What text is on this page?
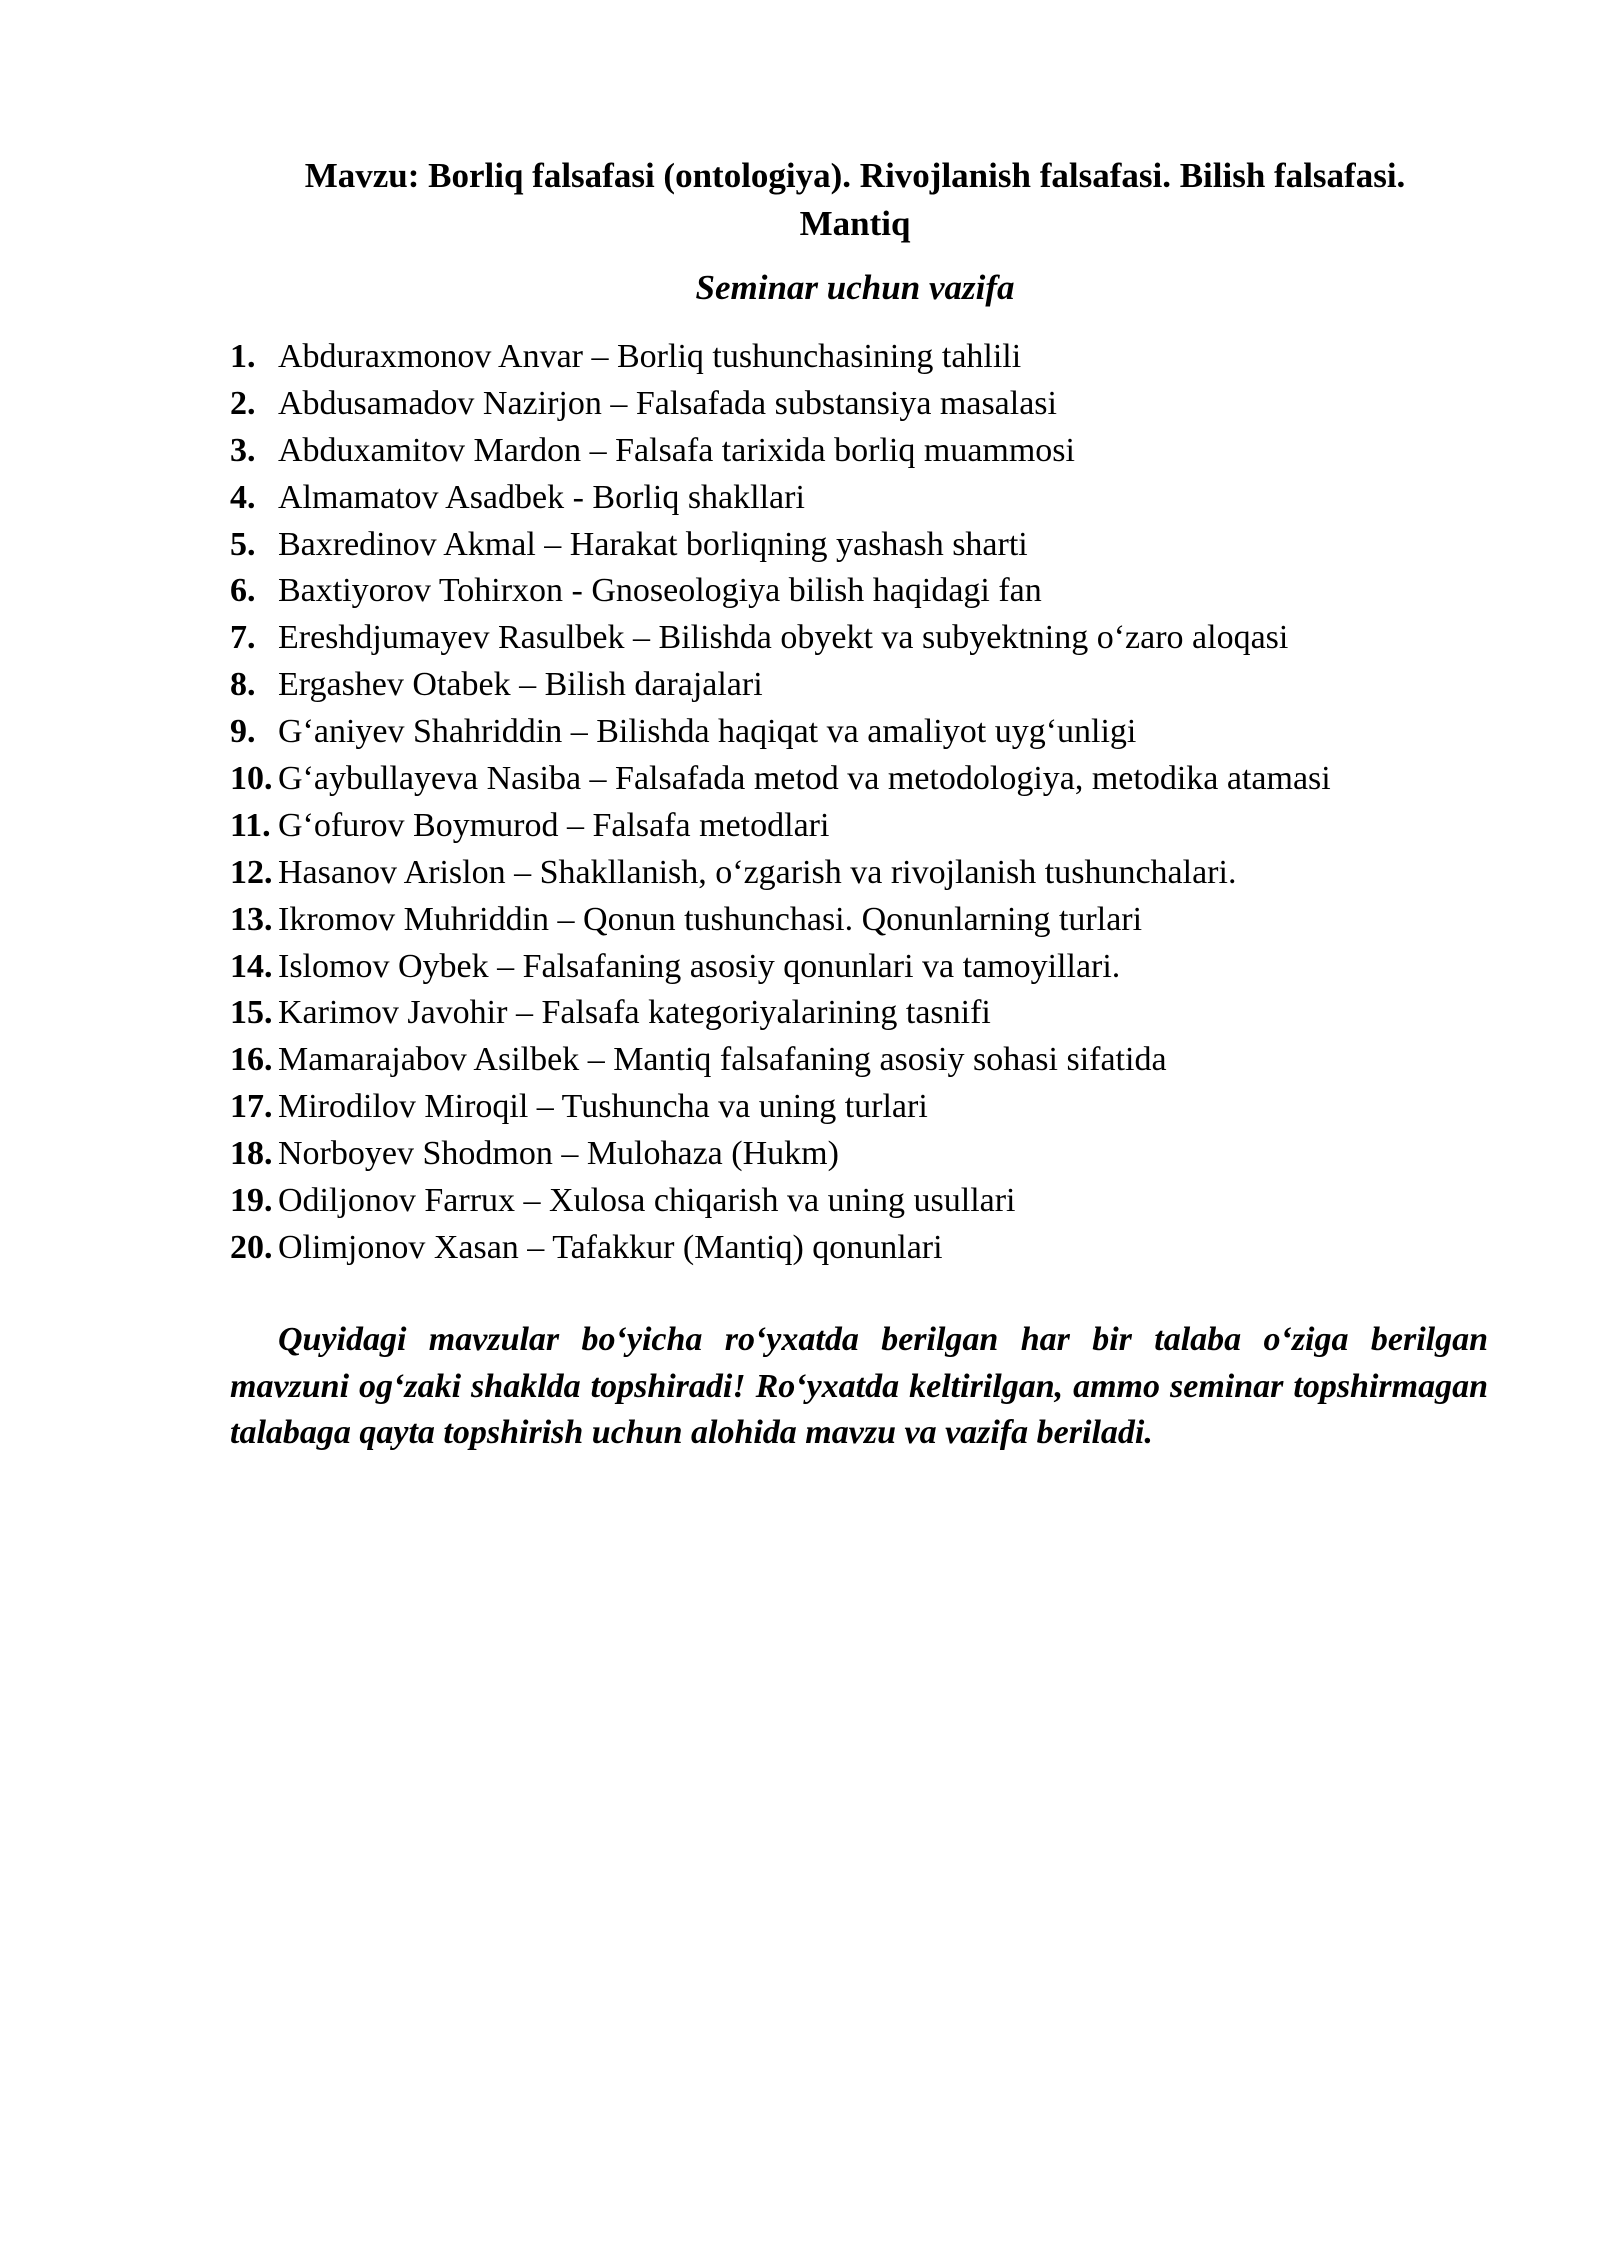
Mavzu: Borliq falsafasi (ontologiya). Rivojlanish falsafasi. Bilish falsafasi.
Mantiq
Seminar uchun vazifa
1. Abduraxmonov Anvar – Borliq tushunchasining tahlili
2. Abdusamadov Nazirjon – Falsafada substansiya masalasi
3. Abduxamitov Mardon – Falsafa tarixida borliq muammosi
4. Almamatov Asadbek - Borliq shakllari
5. Baxredinov Akmal – Harakat borliqning yashash sharti
6. Baxtiyorov Tohirxon - Gnoseologiya bilish haqidagi fan
7. Ereshdjumayev Rasulbek – Bilishda obyekt va subyektning oʻzaro aloqasi
8. Ergashev Otabek – Bilish darajalari
9. Gʻaniyev Shahriddin – Bilishda haqiqat va amaliyot uygʻunligi
10. Gʻaybullayeva Nasiba – Falsafada metod va metodologiya, metodika atamasi
11. Gʻofurov Boymurod – Falsafa metodlari
12. Hasanov Arislon – Shakllanish, oʻzgarish va rivojlanish tushunchalari.
13. Ikromov Muhriddin – Qonun tushunchasi. Qonunlarning turlari
14. Islomov Oybek – Falsafaning asosiy qonunlari va tamoyillari.
15. Karimov Javohir – Falsafa kategoriyalarining tasnifi
16. Mamarajabov Asilbek – Mantiq falsafaning asosiy sohasi sifatida
17. Mirodilov Miroqil – Tushuncha va uning turlari
18. Norboyev Shodmon – Mulohaza (Hukm)
19. Odiljonov Farrux – Xulosa chiqarish va uning usullari
20. Olimjonov Xasan – Tafakkur (Mantiq) qonunlari

Quyidagi mavzular boʻyicha roʻyxatda berilgan har bir talaba oʻziga berilgan mavzuni ogʻzaki shaklda topshiradi! Roʻyxatda keltirilgan, ammo seminar topshirmagan talabaga qayta topshirish uchun alohida mavzu va vazifa beriladi.
